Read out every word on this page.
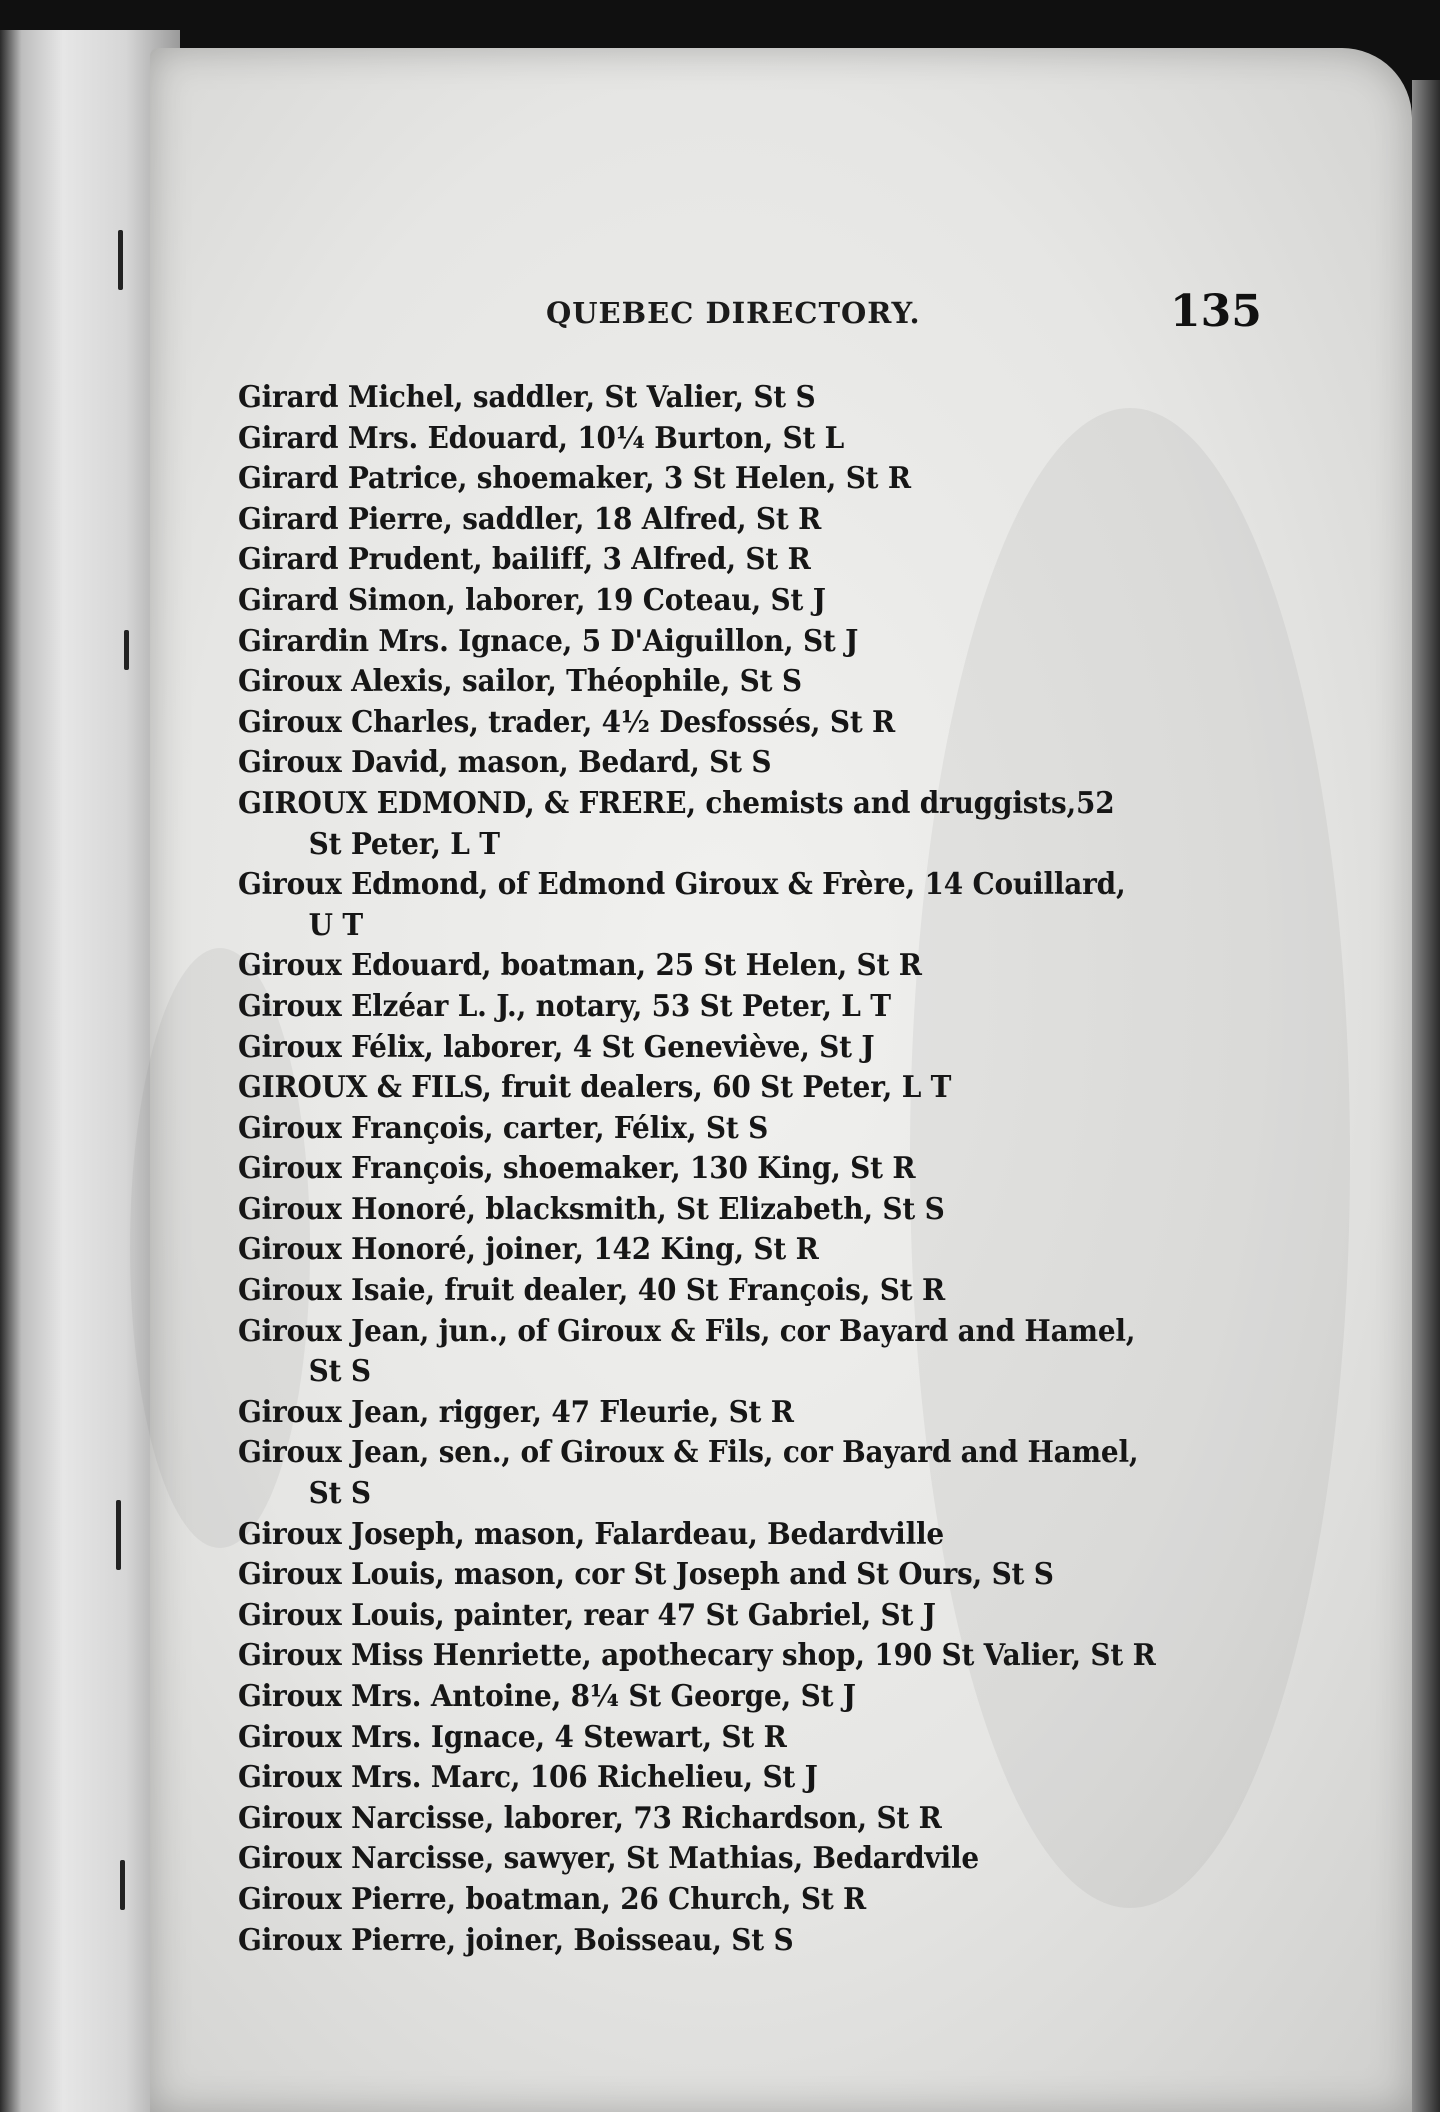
QUEBEC DIRECTORY.	135
Girard Michel, saddler, St Valier, St S
Girard Mrs. Edouard, 10¼ Burton, St L
Girard Patrice, shoemaker, 3 St Helen, St R
Girard Pierre, saddler, 18 Alfred, St R
Girard Prudent, bailiff, 3 Alfred, St R
Girard Simon, laborer, 19 Coteau, St J
Girardin Mrs. Ignace, 5 D'Aiguillon, St J
Giroux Alexis, sailor, Théophile, St S
Giroux Charles, trader, 4½ Desfossés, St R
Giroux David, mason, Bedard, St S
GIROUX EDMOND, & FRERE, chemists and druggists,52
St Peter, L T
Giroux Edmond, of Edmond Giroux & Frère, 14 Couillard,
U T
Giroux Edouard, boatman, 25 St Helen, St R
Giroux Elzéar L. J., notary, 53 St Peter, L T
Giroux Félix, laborer, 4 St Geneviève, St J
GIROUX & FILS, fruit dealers, 60 St Peter, L T
Giroux François, carter, Félix, St S
Giroux François, shoemaker, 130 King, St R
Giroux Honoré, blacksmith, St Elizabeth, St S
Giroux Honoré, joiner, 142 King, St R
Giroux Isaie, fruit dealer, 40 St François, St R
Giroux Jean, jun., of Giroux & Fils, cor Bayard and Hamel,
St S
Giroux Jean, rigger, 47 Fleurie, St R
Giroux Jean, sen., of Giroux & Fils, cor Bayard and Hamel,
St S
Giroux Joseph, mason, Falardeau, Bedardville
Giroux Louis, mason, cor St Joseph and St Ours, St S
Giroux Louis, painter, rear 47 St Gabriel, St J
Giroux Miss Henriette, apothecary shop, 190 St Valier, St R
Giroux Mrs. Antoine, 8¼ St George, St J
Giroux Mrs. Ignace, 4 Stewart, St R
Giroux Mrs. Marc, 106 Richelieu, St J
Giroux Narcisse, laborer, 73 Richardson, St R
Giroux Narcisse, sawyer, St Mathias, Bedardvile
Giroux Pierre, boatman, 26 Church, St R
Giroux Pierre, joiner, Boisseau, St S
